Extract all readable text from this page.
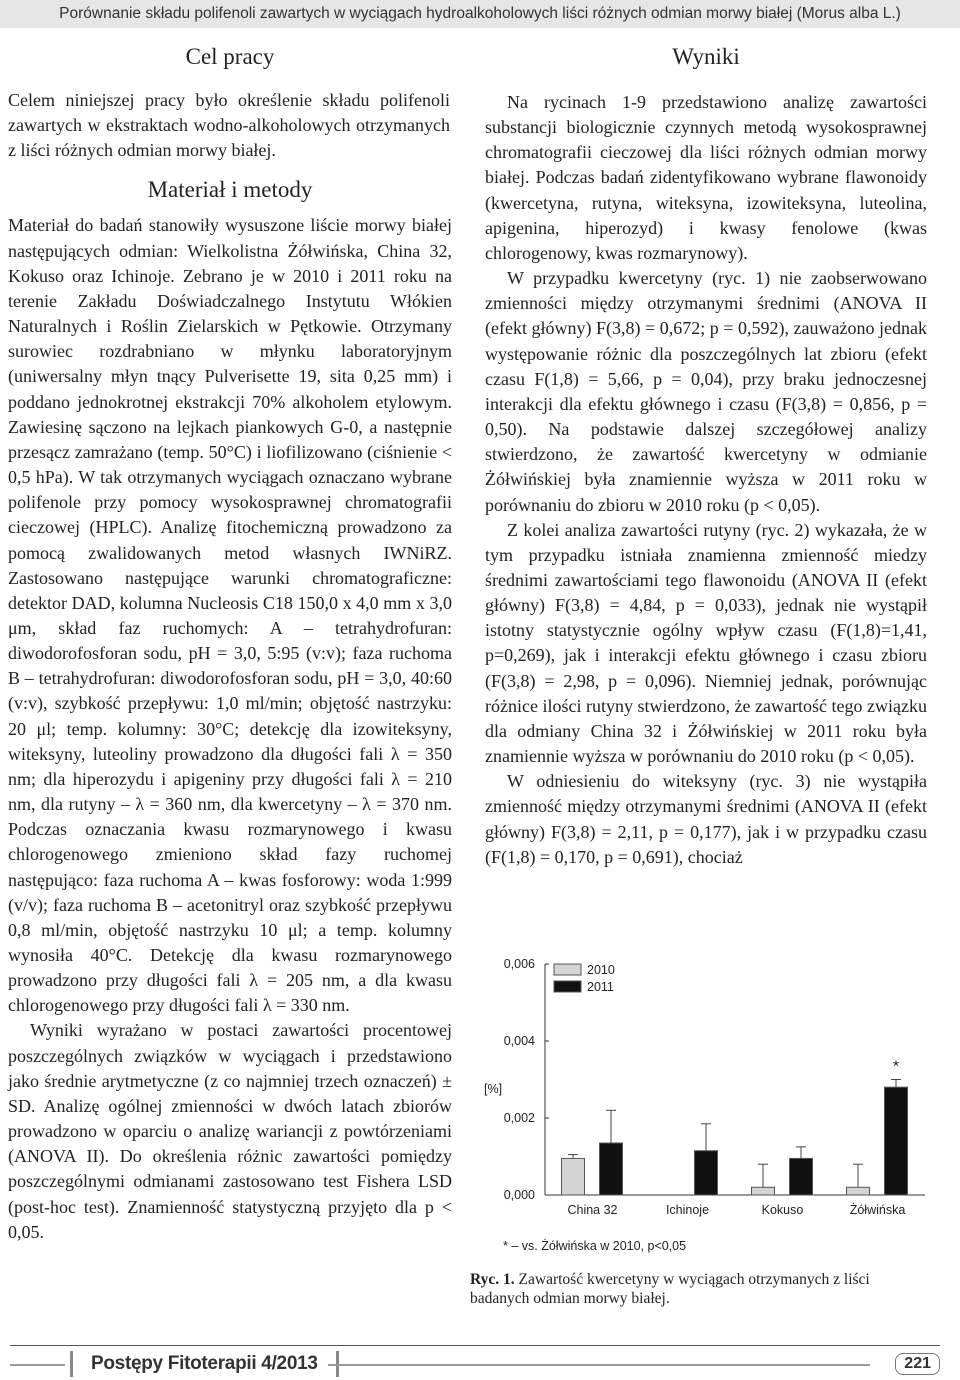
Porównanie składu polifenoli zawartych w wyciągach hydroalkoholowych liści różnych odmian morwy białej (Morus alba L.)
Cel pracy

Celem niniejszej pracy było określenie składu polifenoli zawartych w ekstraktach wodno-alkoholowych otrzymanych z liści różnych odmian morwy białej.

Materiał i metody

Materiał do badań stanowiły wysuszone liście morwy białej następujących odmian: Wielkolistna Żółwińska, China 32, Kokuso oraz Ichinoje. Zebrano je w 2010 i 2011 roku na terenie Zakładu Doświadczalnego Instytutu Włókien Naturalnych i Roślin Zielarskich w Pętkowie. Otrzymany surowiec rozdrabniano w młynku laboratoryjnym (uniwersalny młyn tnący Pulverisette 19, sita 0,25 mm) i poddano jednokrotnej ekstrakcji 70% alkoholem etylowym. Zawiesinę sączono na lejkach piankowych G-0, a następnie przesącz zamrażano (temp. 50°C) i liofilizowano (ciśnienie < 0,5 hPa). W tak otrzymanych wyciągach oznaczano wybrane polifenole przy pomocy wysokosprawnej chromatografii cieczowej (HPLC). Analizę fitochemiczną prowadzono za pomocą zwalidowanych metod własnych IWNiRZ. Zastosowano następujące warunki chromatograficzne: detektor DAD, kolumna Nucleosis C18 150,0 x 4,0 mm x 3,0 μm, skład faz ruchomych: A – tetrahydrofuran: diwodorofosforan sodu, pH = 3,0, 5:95 (v:v); faza ruchoma B – tetrahydrofuran: diwodorofosforan sodu, pH = 3,0, 40:60 (v:v), szybkość przepływu: 1,0 ml/min; objętość nastrzyku: 20 μl; temp. kolumny: 30°C; detekcję dla izowiteksyny, witeksyny, luteoliny prowadzono dla długości fali λ = 350 nm; dla hiperozydu i apigeniny przy długości fali λ = 210 nm, dla rutyny – λ = 360 nm, dla kwercetyny – λ = 370 nm. Podczas oznaczania kwasu rozmarynowego i kwasu chlorogenowego zmieniono skład fazy ruchomej następująco: faza ruchoma A – kwas fosforowy: woda 1:999 (v/v); faza ruchoma B – acetonitryl oraz szybkość przepływu 0,8 ml/min, objętość nastrzyku 10 μl; a temp. kolumny wynosiła 40°C. Detekcję dla kwasu rozmarynowego prowadzono przy długości fali λ = 205 nm, a dla kwasu chlorogenowego przy długości fali λ = 330 nm.

Wyniki wyrażano w postaci zawartości procentowej poszczególnych związków w wyciągach i przedstawiono jako średnie arytmetyczne (z co najmniej trzech oznaczeń) ± SD. Analizę ogólnej zmienności w dwóch latach zbiorów prowadzono w oparciu o analizę wariancji z powtórzeniami (ANOVA II). Do określenia różnic zawartości pomiędzy poszczególnymi odmianami zastosowano test Fishera LSD (post-hoc test). Znamienność statystyczną przyjęto dla p < 0,05.

Wyniki

Na rycinach 1-9 przedstawiono analizę zawartości substancji biologicznie czynnych metodą wysokosprawnej chromatografii cieczowej dla liści różnych odmian morwy białej. Podczas badań zidentyfikowano wybrane flawonoidy (kwercetyna, rutyna, witeksyna, izowiteksyna, luteolina, apigenina, hiperozyd) i kwasy fenolowe (kwas chlorogenowy, kwas rozmarynowy).

W przypadku kwercetyny (ryc. 1) nie zaobserwowano zmienności między otrzymanymi średnimi (ANOVA II (efekt główny) F(3,8) = 0,672; p = 0,592), zauważono jednak występowanie różnic dla poszczególnych lat zbioru (efekt czasu F(1,8) = 5,66, p = 0,04), przy braku jednoczesnej interakcji dla efektu głównego i czasu (F(3,8) = 0,856, p = 0,50). Na podstawie dalszej szczegółowej analizy stwierdzono, że zawartość kwercetyny w odmianie Żółwińskiej była znamiennie wyższa w 2011 roku w porównaniu do zbioru w 2010 roku (p < 0,05).

Z kolei analiza zawartości rutyny (ryc. 2) wykazała, że w tym przypadku istniała znamienna zmienność miedzy średnimi zawartościami tego flawonoidu (ANOVA II (efekt główny) F(3,8) = 4,84, p = 0,033), jednak nie wystąpił istotny statystycznie ogólny wpływ czasu (F(1,8)=1,41, p=0,269), jak i interakcji efektu głównego i czasu zbioru (F(3,8) = 2,98, p = 0,096). Niemniej jednak, porównując różnice ilości rutyny stwierdzono, że zawartość tego związku dla odmiany China 32 i Żółwińskiej w 2011 roku była znamiennie wyższa w porównaniu do 2010 roku (p < 0,05).

W odniesieniu do witeksyny (ryc. 3) nie wystąpiła zmienność między otrzymanymi średnimi (ANOVA II (efekt główny) F(3,8) = 2,11, p = 0,177), jak i w przypadku czasu (F(1,8) = 0,170, p = 0,691), chociaż

0,000
0,002
0,004
0,006
[%]
China 32	Ichinoje	Kokuso	Żółwińska
*
2010
2011
* – vs. Żółwińska w 2010, p<0,05
Ryc. 1. Zawartość kwercetyny w wyciągach otrzymanych z liści badanych odmian morwy białej.
Postępy Fitoterapii 4/2013	221
